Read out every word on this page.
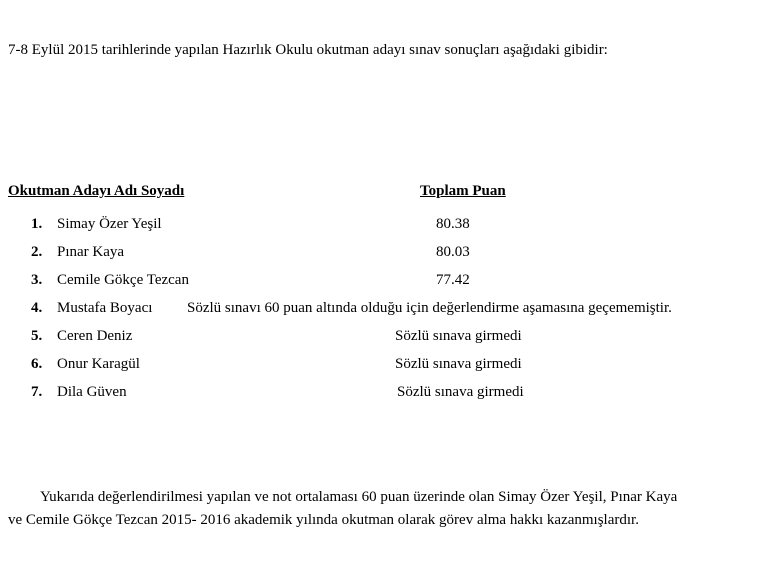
7-8 Eylül 2015 tarihlerinde yapılan Hazırlık Okulu okutman adayı sınav sonuçları aşağıdaki gibidir:
Okutman Adayı Adı Soyadı	Toplam Puan
1. Simay Özer Yeşil	80.38
2. Pınar Kaya	80.03
3. Cemile Gökçe Tezcan	77.42
4. Mustafa Boyacı Sözlü sınavı 60 puan altında olduğu için değerlendirme aşamasına geçememiştir.
5. Ceren Deniz	Sözlü sınava girmedi
6. Onur Karagül	Sözlü sınava girmedi
7. Dila Güven	Sözlü sınava girmedi
Yukarıda değerlendirilmesi yapılan ve not ortalaması 60 puan üzerinde olan Simay Özer Yeşil, Pınar Kaya
ve Cemile Gökçe Tezcan 2015- 2016 akademik yılında okutman olarak görev alma hakkı kazanmışlardır.
